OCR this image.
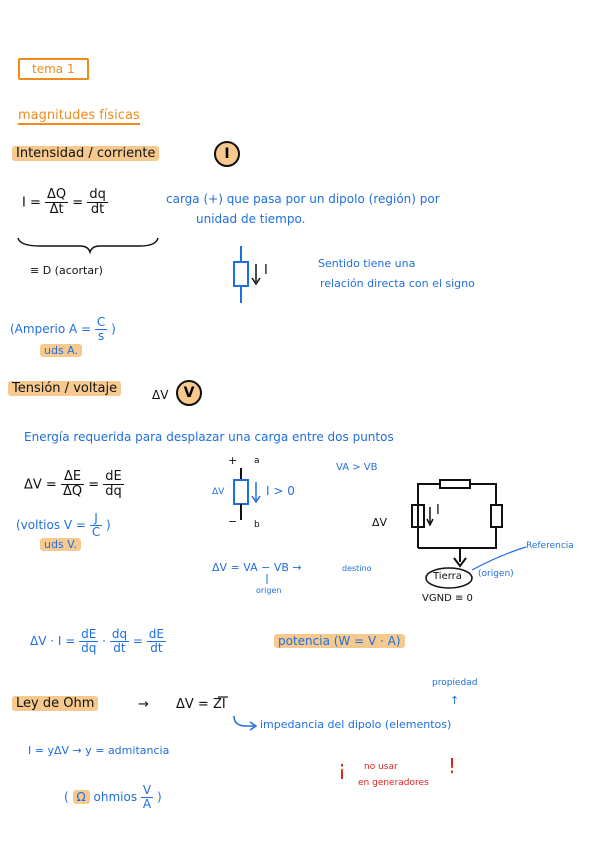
tema 1
magnitudes físicas
Intensidad / corriente	I
$I = \frac{\Delta Q}{\Delta t} = \frac{dq}{dt}$	carga (+) que pasa por un dipolo (región) por
unidad de tiempo.
≡ D (acortar)	I	Sentido tiene una
relación directa con el signo
(Amperio $A = \frac{C}{s}$ )
uds A.
Tensión / voltaje	ΔV	V
Energía requerida para desplazar una carga entre dos puntos
$\Delta V = \frac{\Delta E}{\Delta Q} = \frac{dE}{dq}$
+ a
− b
ΔV	I > 0
VA > VB
ΔV
I
(voltios $V = \frac{J}{C}$ )
uds V.
ΔV = VA − VB →	destino
origen
Referencia
Tierra (origen)
VGND ≡ 0
$\Delta V \cdot I = \frac{dE}{dq} \cdot \frac{dq}{dt} = \frac{dE}{dt}$	potencia (W = V · A)
Ley de Ohm	→ ΔV = ZI
propiedad
↑
impedancia del dipolo (elementos)
I = yΔV → y = admitancia
( Ω ohmios $\frac{V}{A}$ )
¡ no usar
en generadores
!
